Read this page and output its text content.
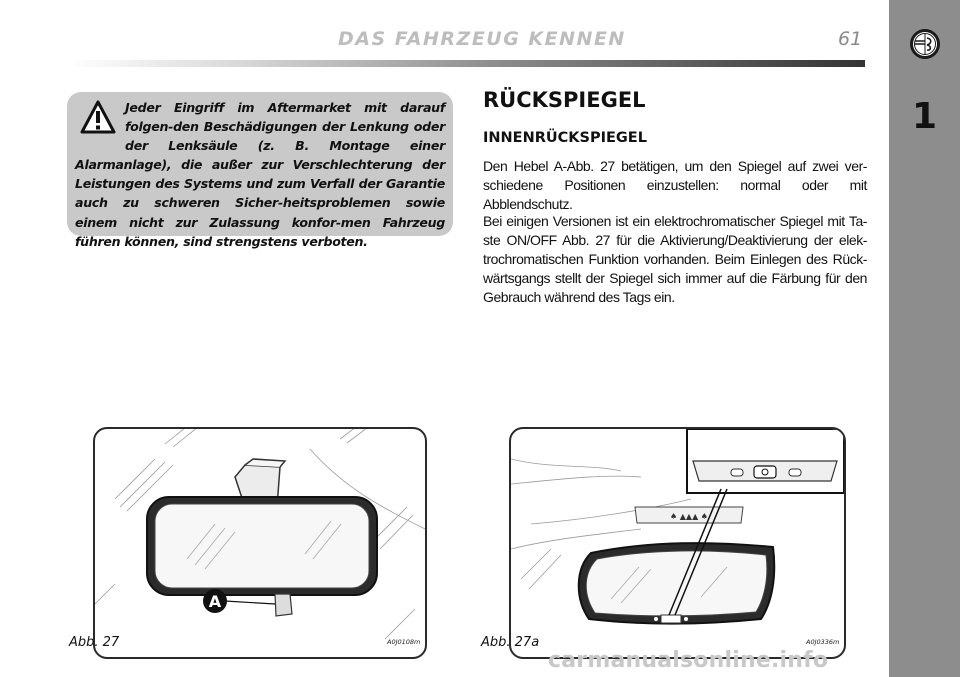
1
DAS FAHRZEUG KENNEN	61
Jeder Eingriff im Aftermarket mit darauf folgen-den Beschädigungen der Lenkung oder der Lenksäule (z. B. Montage einer Alarmanlage), die außer zur Verschlechterung der Leistungen des Systems und zum Verfall der Garantie auch zu schweren Sicher-heitsproblemen sowie einem nicht zur Zulassung konfor-men Fahrzeug führen können, sind strengstens verboten.
RÜCKSPIEGEL
INNENRÜCKSPIEGEL
Den Hebel A-Abb. 27 betätigen, um den Spiegel auf zwei ver-schiedene Positionen einzustellen: normal oder mit Abblendschutz.
Bei einigen Versionen ist ein elektrochromatischer Spiegel mit Ta-ste ON/OFF Abb. 27 für die Aktivierung/Deaktivierung der elek-trochromatischen Funktion vorhanden. Beim Einlegen des Rück-wärtsgangs stellt der Spiegel sich immer auf die Färbung für den Gebrauch während des Tags ein.
A
♠ ▲▲▲ ♠
Abb. 27	A0J0108m	Abb. 27a	A0J0336m
carmanualsonline.info
